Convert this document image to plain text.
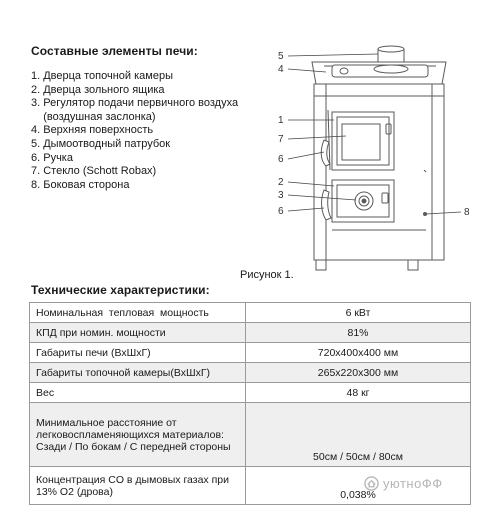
Составные элементы печи:
1. Дверца топочной камеры
2. Дверца зольного ящика
3. Регулятор подачи первичного воздуха
(воздушная заслонка)
4. Верхняя поверхность
5. Дымоотводный патрубок
6. Ручка
7. Стекло (Schott Robax)
8. Боковая сторона
5
4
1
7
6
2
3
6	8

Рисунок 1.

Технические характеристики:
Номинальная  тепловая  мощность	6 кВт
КПД при номин. мощности	81%
Габариты печи (ВхШхГ)	720x400x400 мм
Габариты топочной камеры(ВхШхГ)	265x220x300 мм
Вес	48 кг
Минимальное расстояние от легковоспламеняющихся материалов: Сзади / По бокам / С передней стороны	50см / 50см / 80см
Концентрация CO в дымовых газах при 13% O2 (дрова)	0,038%
уютноФФ
